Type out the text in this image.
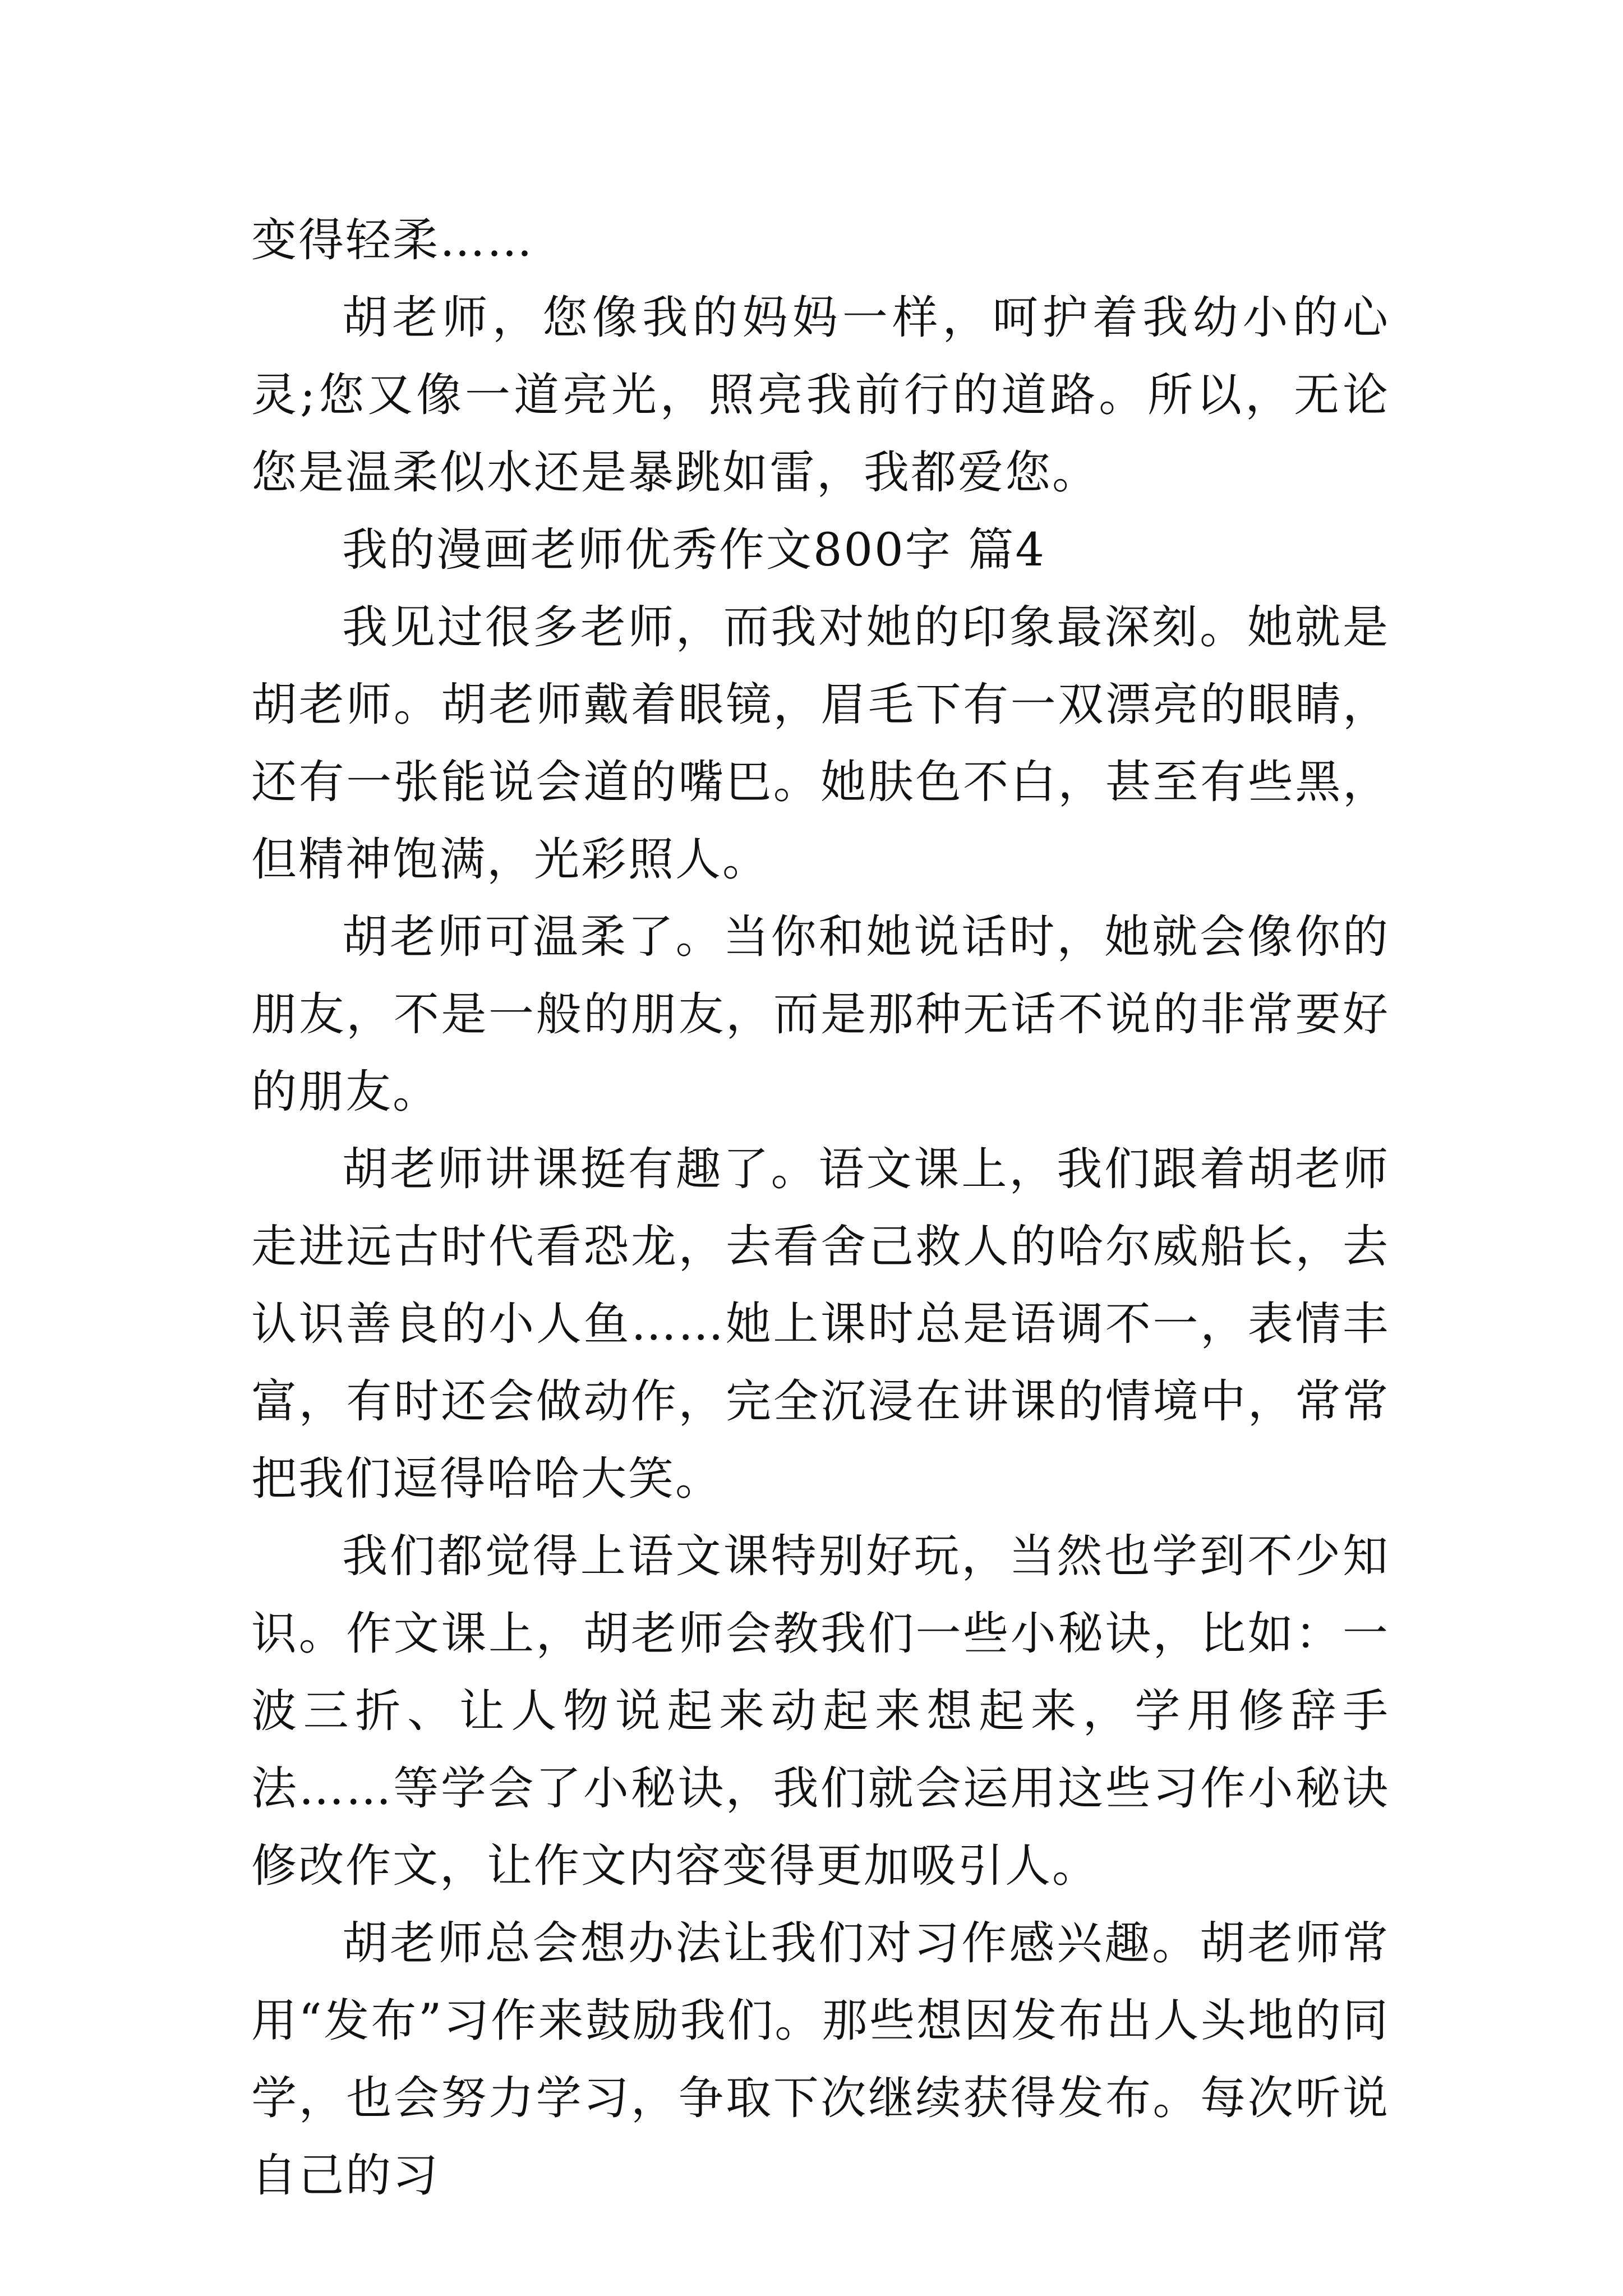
变得轻柔……

胡老师，您像我的妈妈一样，呵护着我幼小的心灵;您又像一道亮光，照亮我前行的道路。所以，无论您是温柔似水还是暴跳如雷，我都爱您。

我的漫画老师优秀作文800字 篇4

我见过很多老师，而我对她的印象最深刻。她就是胡老师。胡老师戴着眼镜，眉毛下有一双漂亮的眼睛，还有一张能说会道的嘴巴。她肤色不白，甚至有些黑，但精神饱满，光彩照人。

胡老师可温柔了。当你和她说话时，她就会像你的朋友，不是一般的朋友，而是那种无话不说的非常要好的朋友。

胡老师讲课挺有趣了。语文课上，我们跟着胡老师走进远古时代看恐龙，去看舍己救人的哈尔威船长，去认识善良的小人鱼……她上课时总是语调不一，表情丰富，有时还会做动作，完全沉浸在讲课的情境中，常常把我们逗得哈哈大笑。

我们都觉得上语文课特别好玩，当然也学到不少知识。作文课上，胡老师会教我们一些小秘诀，比如：一波三折、让人物说起来动起来想起来，学用修辞手法……等学会了小秘诀，我们就会运用这些习作小秘诀修改作文，让作文内容变得更加吸引人。

胡老师总会想办法让我们对习作感兴趣。胡老师常用“发布”习作来鼓励我们。那些想因发布出人头地的同学，也会努力学习，争取下次继续获得发布。每次听说自己的习
